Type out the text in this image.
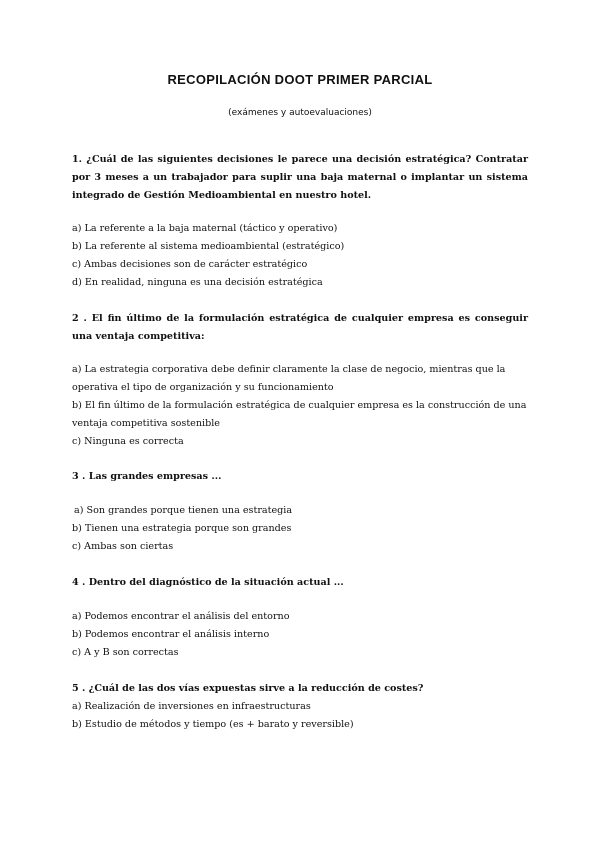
RECOPILACIÓN DOOT PRIMER PARCIAL
(exámenes y autoevaluaciones)
1. ¿Cuál de las siguientes decisiones le parece una decisión estratégica? Contratar por 3 meses a un trabajador para suplir una baja maternal o implantar un sistema integrado de Gestión Medioambiental en nuestro hotel.
a) La referente a la baja maternal (táctico y operativo)
b) La referente al sistema medioambiental (estratégico)
c) Ambas decisiones son de carácter estratégico
d) En realidad, ninguna es una decisión estratégica
2 . El fin último de la formulación estratégica de cualquier empresa es conseguir una ventaja competitiva:
a) La estrategia corporativa debe definir claramente la clase de negocio, mientras que la operativa el tipo de organización y su funcionamiento
b) El fin último de la formulación estratégica de cualquier empresa es la construcción de una ventaja competitiva sostenible
c) Ninguna es correcta
3 . Las grandes empresas ...
a) Son grandes porque tienen una estrategia
b) Tienen una estrategia porque son grandes
c) Ambas son ciertas
4 . Dentro del diagnóstico de la situación actual ...
a) Podemos encontrar el análisis del entorno
b) Podemos encontrar el análisis interno
c) A y B son correctas
5 . ¿Cuál de las dos vías expuestas sirve a la reducción de costes?
a) Realización de inversiones en infraestructuras
b) Estudio de métodos y tiempo (es + barato y reversible)
